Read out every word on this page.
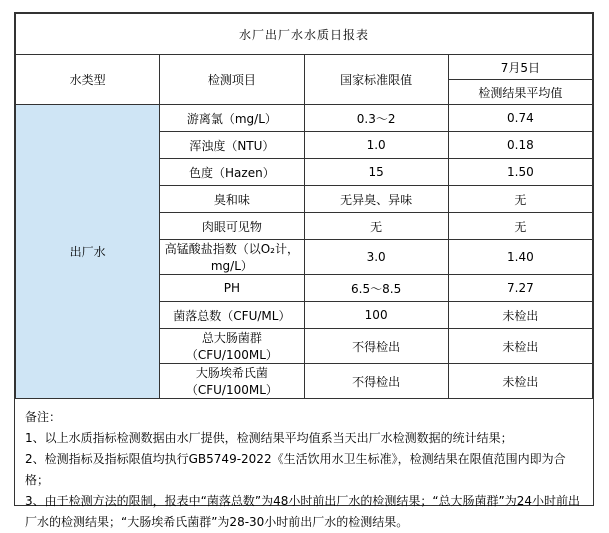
水厂出厂水水质日报表			
水类型	检测项目	国家标准限值	7月5日
			检测结果平均值
出厂水	游离氯（mg/L）	0.3～2	0.74
	浑浊度（NTU）	1.0	0.18
	色度（Hazen）	15	1.50
	臭和味	无异臭、异味	无
	肉眼可见物	无	无
	高锰酸盐指数（以O₂计，mg/L）	3.0	1.40
	PH	6.5～8.5	7.27
	菌落总数（CFU/ML）	100	未检出
	总大肠菌群（CFU/100ML）	不得检出	未检出
	大肠埃希氏菌（CFU/100ML）	不得检出	未检出

备注：

1、以上水质指标检测数据由水厂提供，检测结果平均值系当天出厂水检测数据的统计结果；

2、检测指标及指标限值均执行GB5749-2022《生活饮用水卫生标准》，检测结果在限值范围内即为合格；

3、由于检测方法的限制，报表中“菌落总数”为48小时前出厂水的检测结果；“总大肠菌群”为24小时前出厂水的检测结果；“大肠埃希氏菌群”为28-30小时前出厂水的检测结果。
